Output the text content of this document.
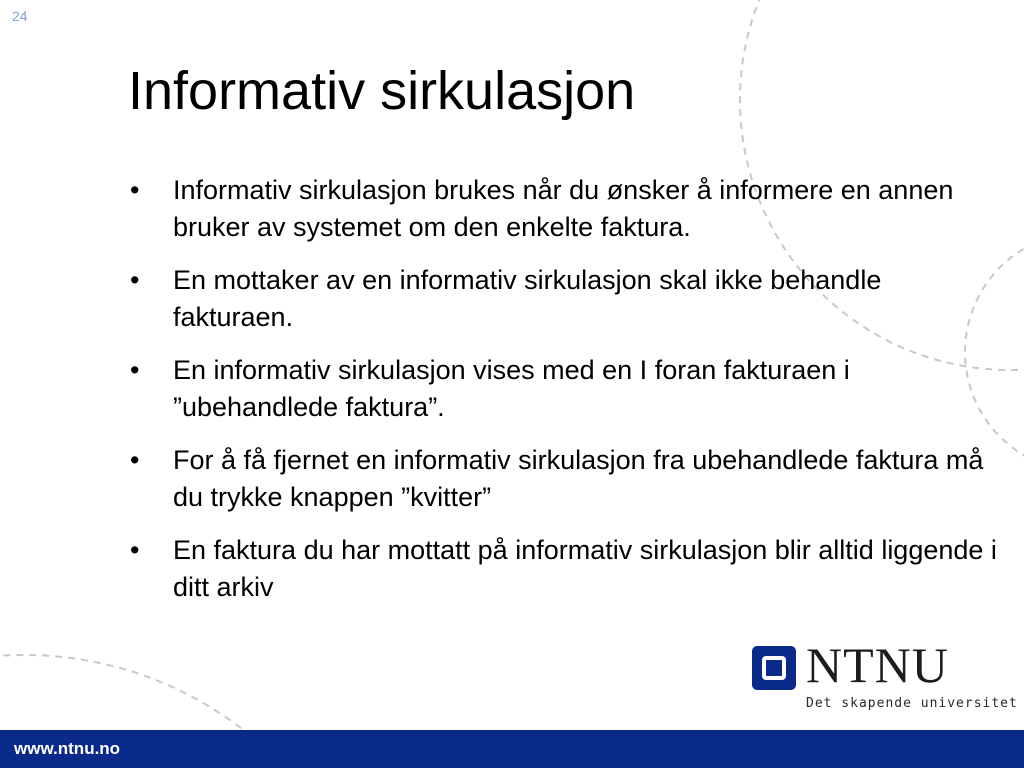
24
Informativ sirkulasjon
•	Informativ sirkulasjon brukes når du ønsker å informere en annen bruker av systemet om den enkelte faktura.
•	En mottaker av en informativ sirkulasjon skal ikke behandle fakturaen.
•	En informativ sirkulasjon vises med en I foran fakturaen i ”ubehandlede faktura”.
•	For å få fjernet en informativ sirkulasjon fra ubehandlede faktura må du trykke knappen ”kvitter”
•	En faktura du har mottatt på informativ sirkulasjon blir alltid liggende i ditt arkiv
NTNU
Det skapende universitet
www.ntnu.no
